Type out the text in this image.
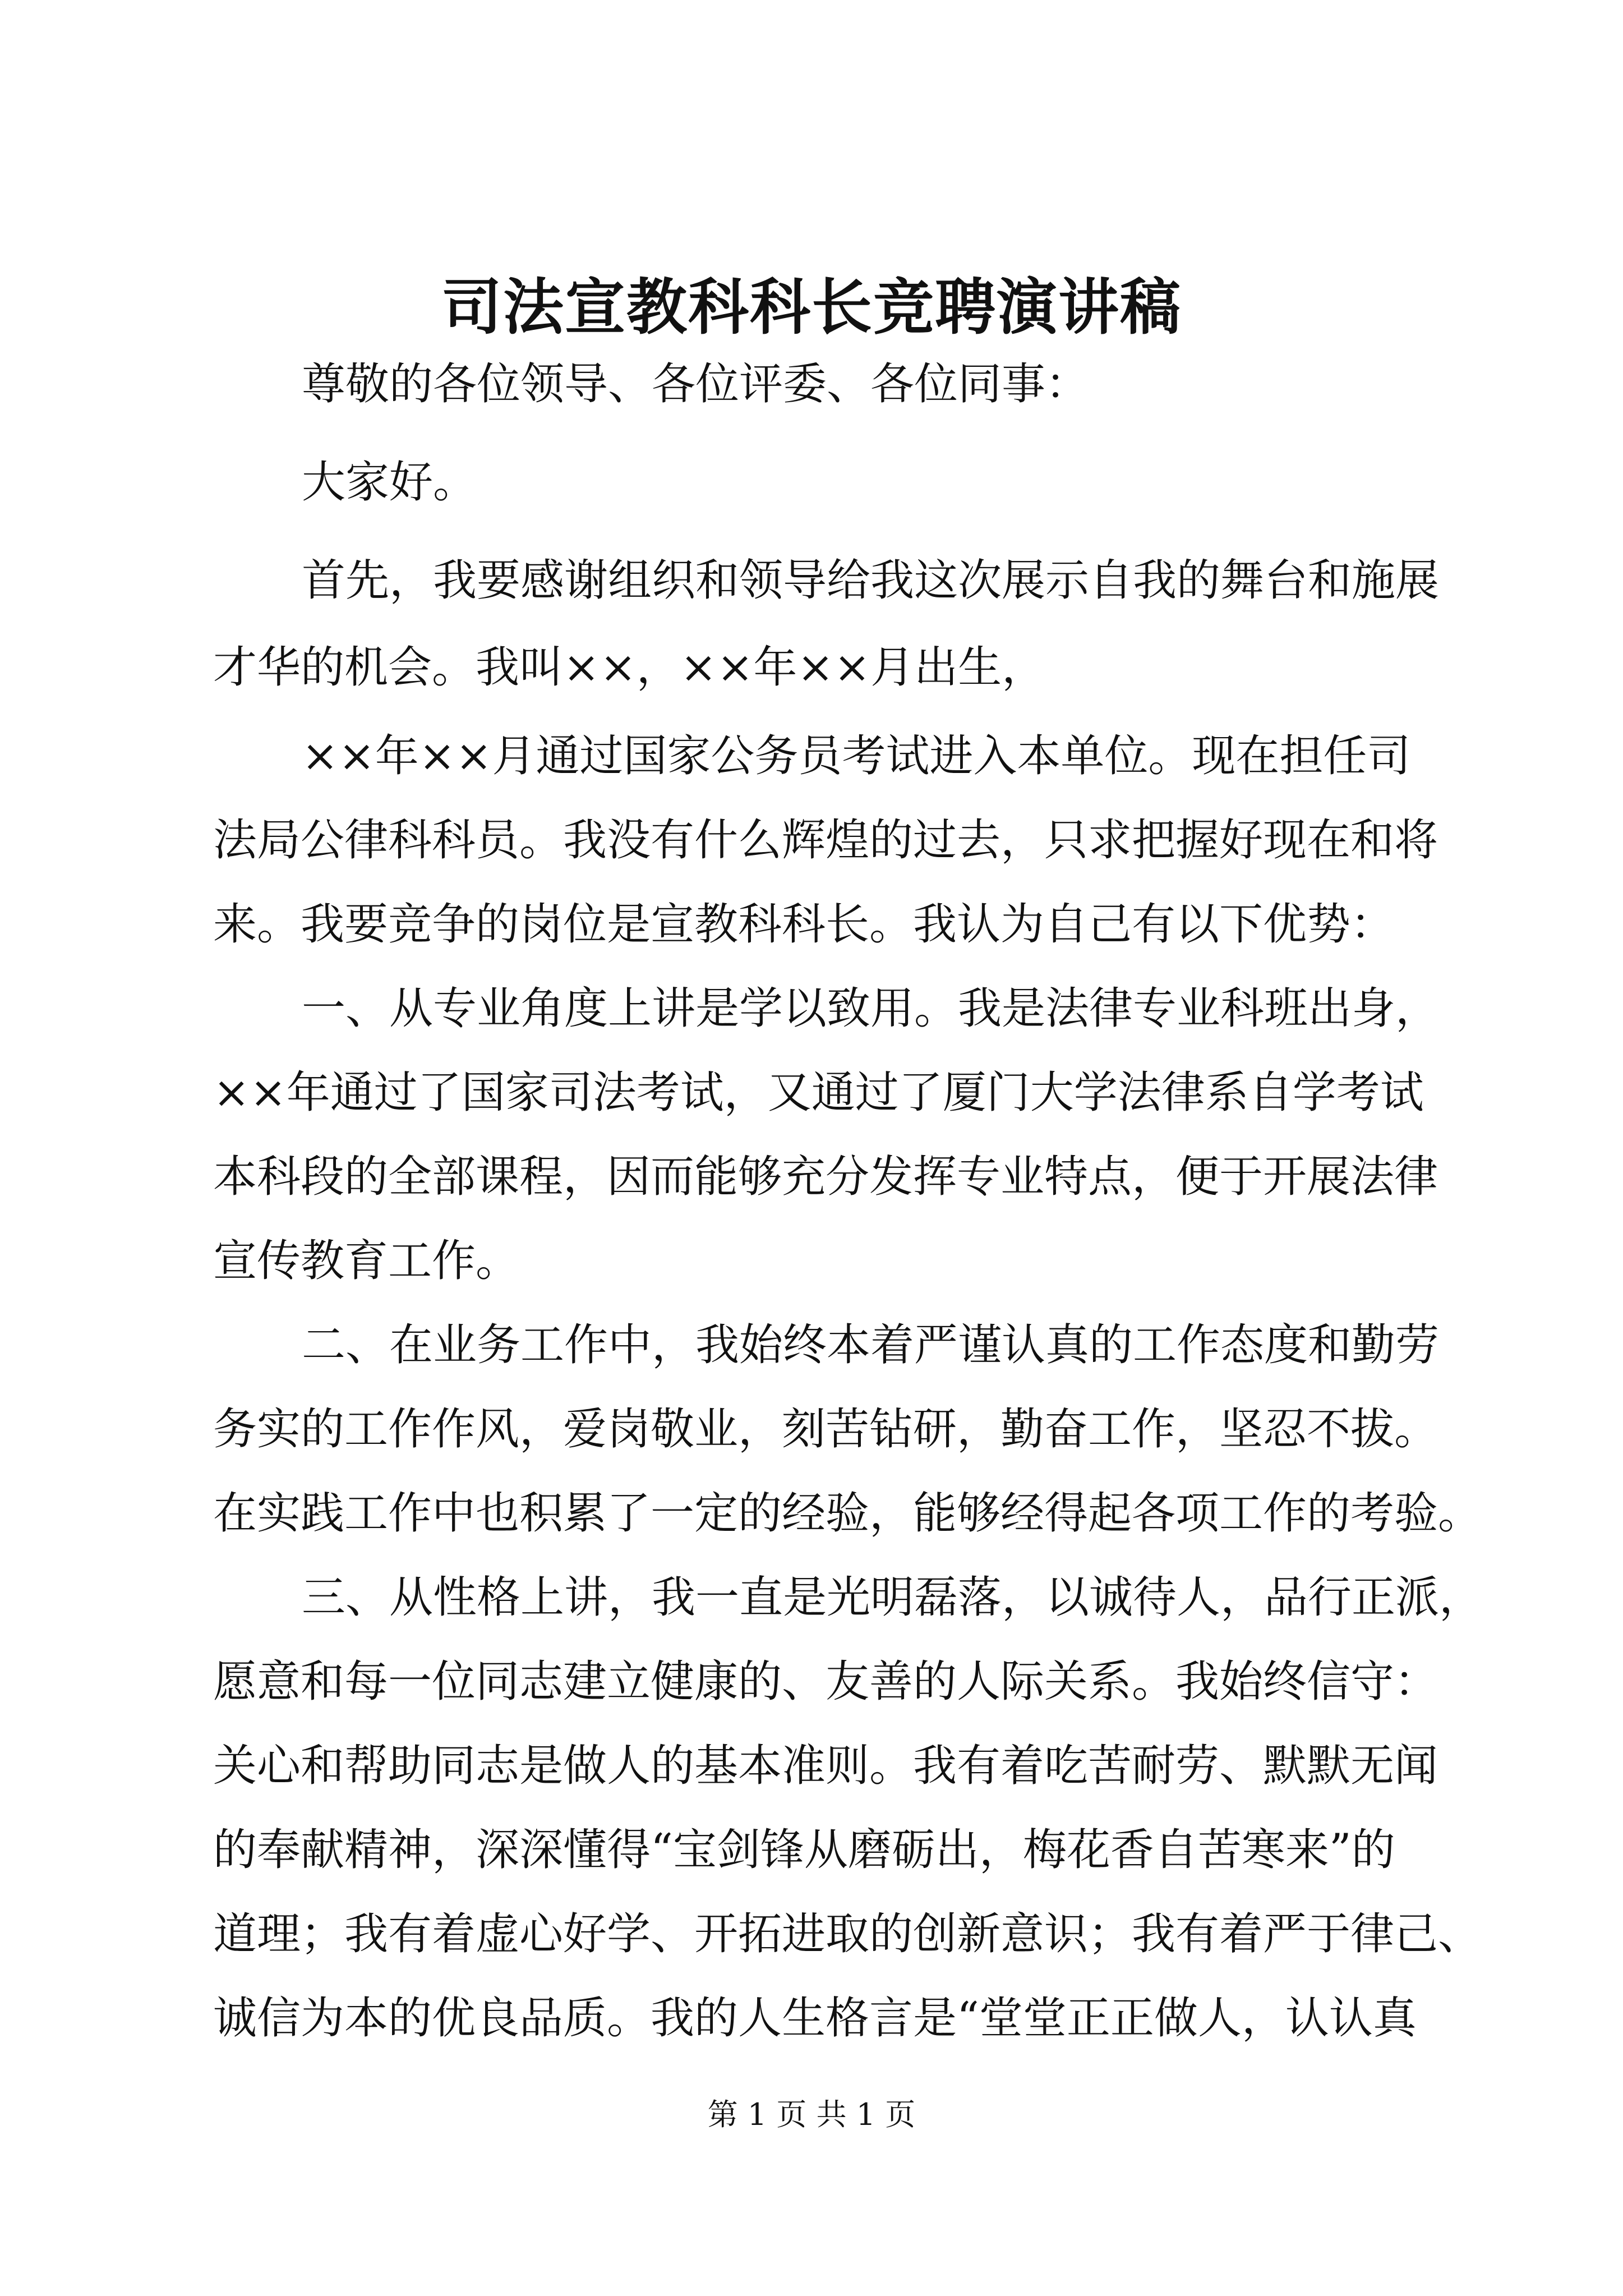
司法宣教科科长竞聘演讲稿

尊敬的各位领导、各位评委、各位同事：

大家好。

首先，我要感谢组织和领导给我这次展示自我的舞台和施展

才华的机会。我叫××，××年××月出生，

××年××月通过国家公务员考试进入本单位。现在担任司

法局公律科科员。我没有什么辉煌的过去，只求把握好现在和将

来。我要竞争的岗位是宣教科科长。我认为自己有以下优势：

一、从专业角度上讲是学以致用。我是法律专业科班出身，

××年通过了国家司法考试，又通过了厦门大学法律系自学考试

本科段的全部课程，因而能够充分发挥专业特点，便于开展法律

宣传教育工作。

二、在业务工作中，我始终本着严谨认真的工作态度和勤劳

务实的工作作风，爱岗敬业，刻苦钻研，勤奋工作，坚忍不拔。

在实践工作中也积累了一定的经验，能够经得起各项工作的考验。

三、从性格上讲，我一直是光明磊落，以诚待人，品行正派，

愿意和每一位同志建立健康的、友善的人际关系。我始终信守：

关心和帮助同志是做人的基本准则。我有着吃苦耐劳、默默无闻

的奉献精神，深深懂得“宝剑锋从磨砺出，梅花香自苦寒来”的

道理；我有着虚心好学、开拓进取的创新意识；我有着严于律己、

诚信为本的优良品质。我的人生格言是“堂堂正正做人，认认真

第 1 页 共 1 页
